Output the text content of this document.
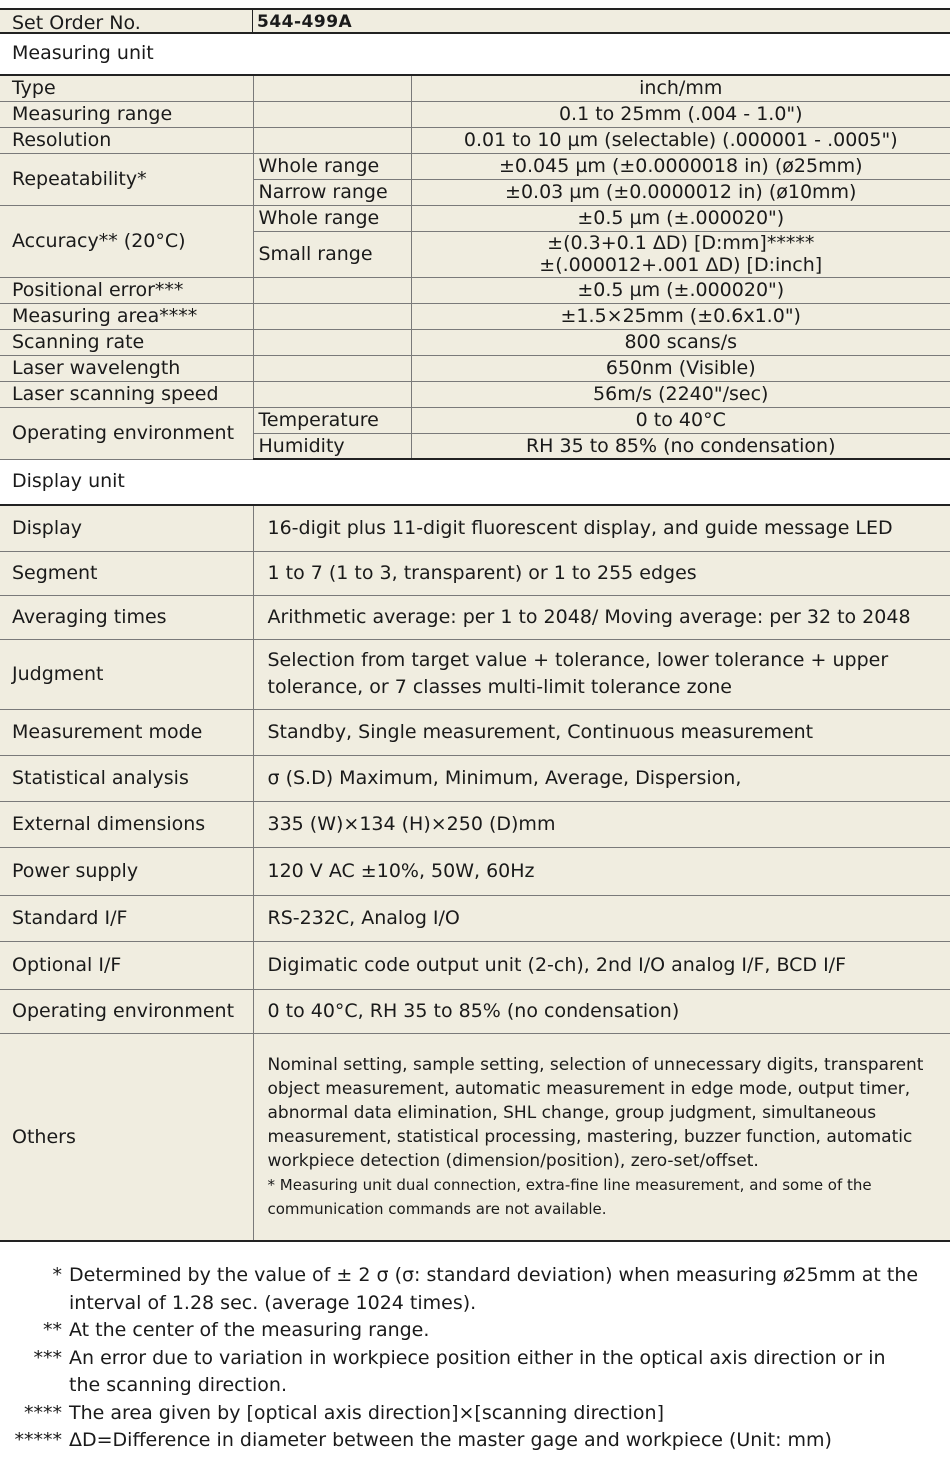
Set Order No.	544-499A
Measuring unit
Type		inch/mm
Measuring range		0.1 to 25mm (.004 - 1.0")
Resolution		0.01 to 10 µm (selectable) (.000001 - .0005")
Repeatability*	Whole range	±0.045 µm (±0.0000018 in) (ø25mm)
	Narrow range	±0.03 µm (±0.0000012 in) (ø10mm)
Accuracy** (20°C)	Whole range	±0.5 µm (±.000020")
	Small range	±(0.3+0.1 ΔD) [D:mm]*****
±(.000012+.001 ΔD) [D:inch]

Positional error***		±0.5 µm (±.000020")
Measuring area****		±1.5×25mm (±0.6x1.0")
Scanning rate		800 scans/s
Laser wavelength		650nm (Visible)
Laser scanning speed		56m/s (2240"/sec)
Operating environment	Temperature	0 to 40°C
	Humidity	RH 35 to 85% (no condensation)
Display unit
Display	16-digit plus 11-digit fluorescent display, and guide message LED
Segment	1 to 7 (1 to 3, transparent) or 1 to 255 edges
Averaging times	Arithmetic average: per 1 to 2048/ Moving average: per 32 to 2048
Judgment	Selection from target value + tolerance, lower tolerance + upper tolerance, or 7 classes multi-limit tolerance zone
Measurement mode	Standby, Single measurement, Continuous measurement
Statistical analysis	σ (S.D) Maximum, Minimum, Average, Dispersion,
External dimensions	335 (W)×134 (H)×250 (D)mm
Power supply	120 V AC ±10%, 50W, 60Hz
Standard I/F	RS-232C, Analog I/O
Optional I/F	Digimatic code output unit (2-ch), 2nd I/O analog I/F, BCD I/F
Operating environment	0 to 40°C, RH 35 to 85% (no condensation)
Others	Nominal setting, sample setting, selection of unnecessary digits, transparent object measurement, automatic measurement in edge mode, output timer, abnormal data elimination, SHL change, group judgment, simultaneous measurement, statistical processing, mastering, buzzer function, automatic workpiece detection (dimension/position), zero-set/offset.
* Measuring unit dual connection, extra-fine line measurement, and some of the communication commands are not available.
* Determined by the value of ± 2 σ (σ: standard deviation) when measuring ø25mm at the interval of 1.28 sec. (average 1024 times).
** At the center of the measuring range.
*** An error due to variation in workpiece position either in the optical axis direction or in the scanning direction.
**** The area given by [optical axis direction]×[scanning direction]
***** ΔD=Difference in diameter between the master gage and workpiece (Unit: mm)
